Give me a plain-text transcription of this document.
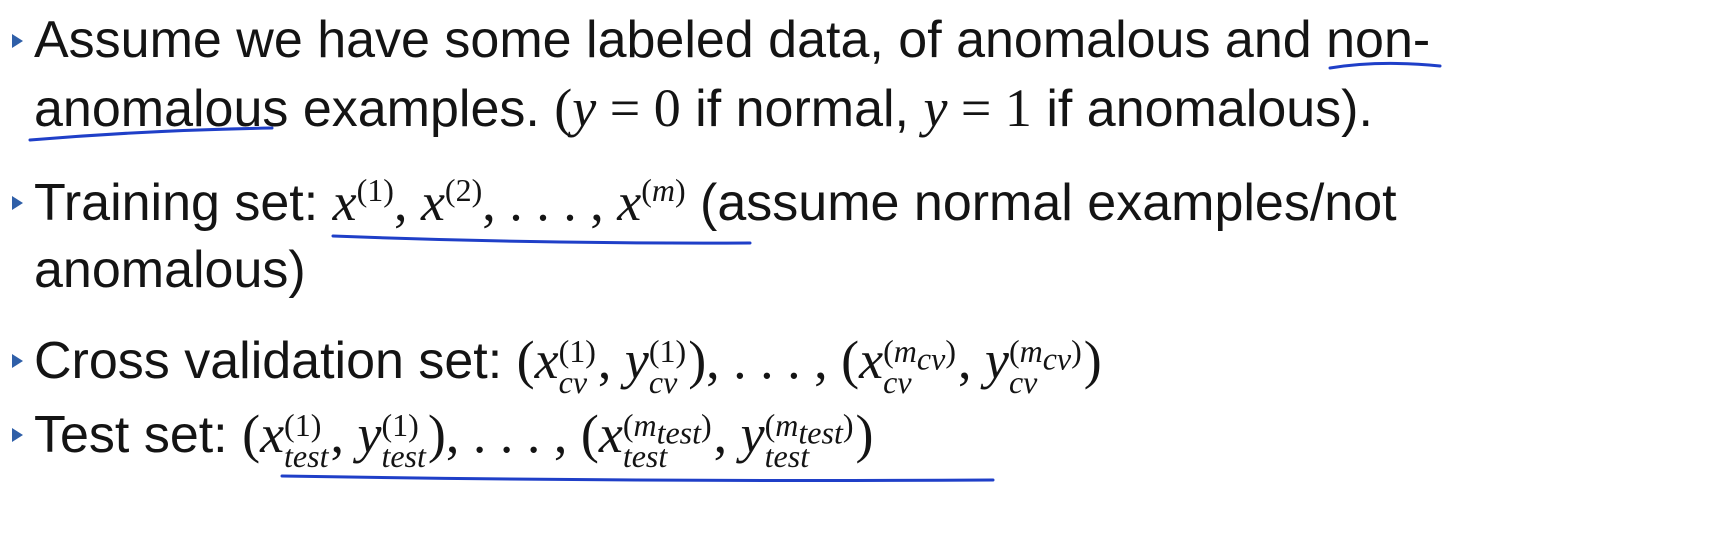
Assume we have some labeled data, of anomalous and non-
anomalous examples. (y = 0 if normal, y = 1 if anomalous).
Training set: $x^{(1)}$, $x^{(2)}$, . . . , $x^{(m)}$ (assume normal examples/not
anomalous)
Cross validation set: (x (1)
cv , y (1)
cv ), . . . , (x $(m_{cv})$
cv , y $(m_{cv})$
cv )
Test set: (x (1)
test , y (1)
test ), . . . , (x $(m_{test})$
test , y $(m_{test})$
test )
